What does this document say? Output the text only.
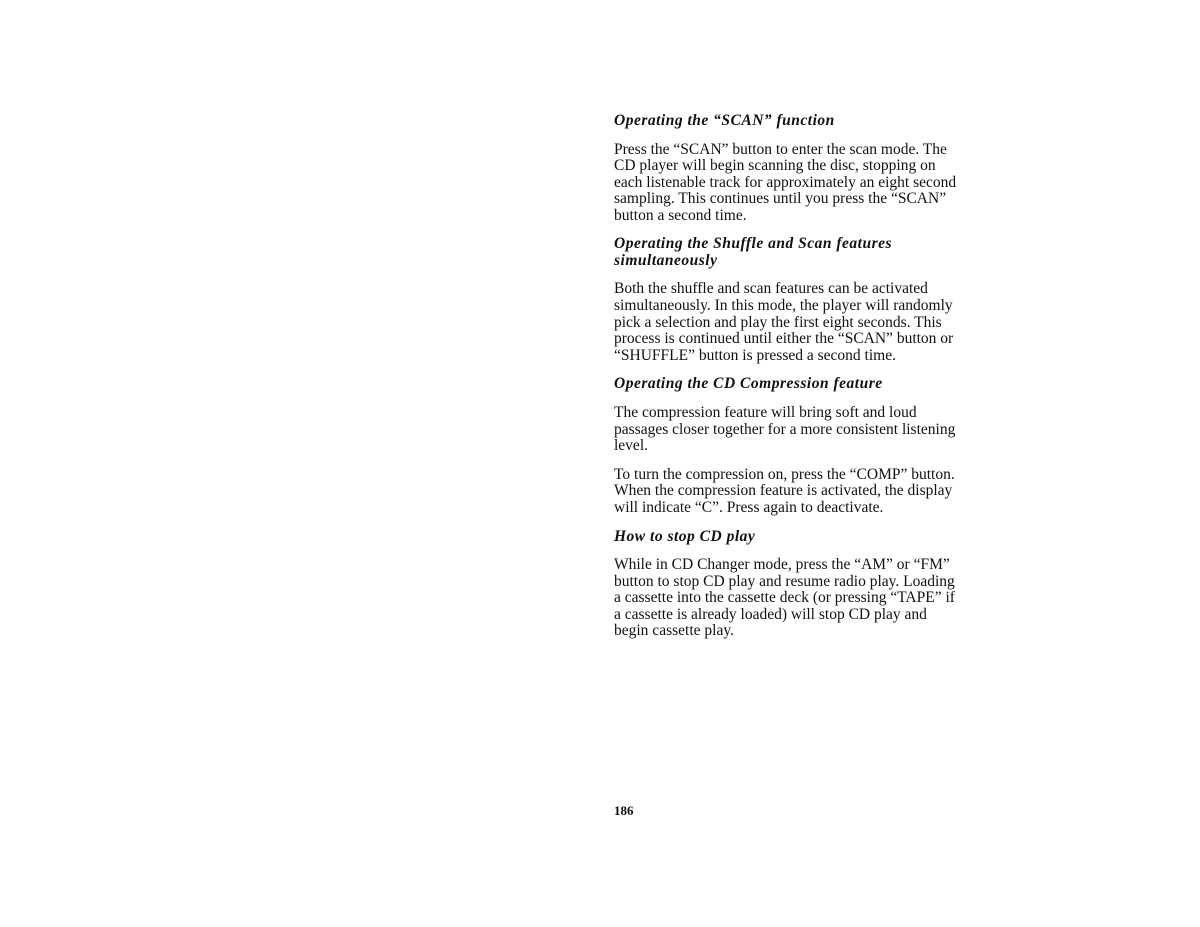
Operating the “SCAN” function
Press the “SCAN” button to enter the scan mode. The CD player will begin scanning the disc, stopping on each listenable track for approximately an eight second sampling. This continues until you press the “SCAN” button a second time.
Operating the Shuffle and Scan features simultaneously
Both the shuffle and scan features can be activated simultaneously. In this mode, the player will randomly pick a selection and play the first eight seconds. This process is continued until either the “SCAN” button or “SHUFFLE” button is pressed a second time.
Operating the CD Compression feature
The compression feature will bring soft and loud passages closer together for a more consistent listening level.
To turn the compression on, press the “COMP” button. When the compression feature is activated, the display will indicate “C”. Press again to deactivate.
How to stop CD play
While in CD Changer mode, press the “AM” or “FM” button to stop CD play and resume radio play. Loading a cassette into the cassette deck (or pressing “TAPE” if a cassette is already loaded) will stop CD play and begin cassette play.
186
